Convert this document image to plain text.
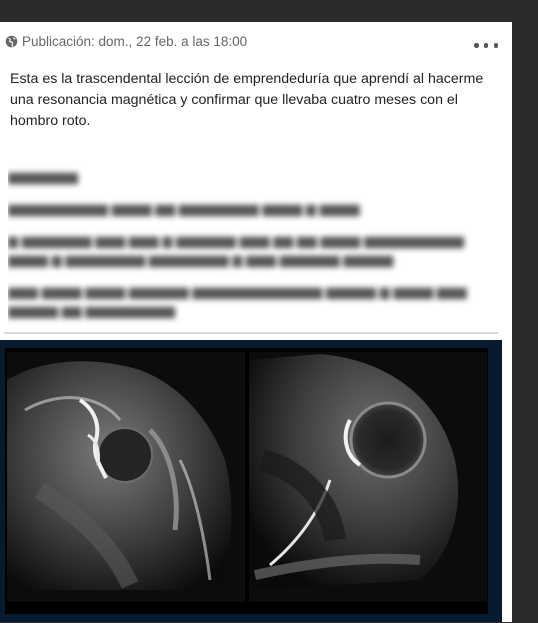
Publicación: dom., 22 feb. a las 18:00
Esta es la trascendental lección de emprendeduría que aprendí al hacerme una resonancia magnética y confirmar que llevaba cuatro meses con el hombro roto.

▆▆▆▆▆▆▆

▆▆▆▆▆▆▆▆▆▆ ▆▆▆▆ ▆▆ ▆▆▆▆▆▆▆▆ ▆▆▆▆ ▆ ▆▆▆▆

▆ ▆▆▆▆▆▆▆ ▆▆▆ ▆▆▆ ▆ ▆▆▆▆▆▆ ▆▆▆ ▆▆ ▆▆ ▆▆▆▆ ▆▆▆▆▆▆▆▆▆▆ ▆▆▆▆ ▆ ▆▆▆▆▆▆▆▆ ▆▆▆▆▆▆▆▆ ▆ ▆▆▆ ▆▆▆▆▆▆ ▆▆▆▆▆

▆▆▆ ▆▆▆▆ ▆▆▆▆ ▆▆▆▆▆▆ ▆▆▆▆▆▆▆▆▆▆▆▆▆ ▆▆▆▆▆ ▆ ▆▆▆▆ ▆▆▆ ▆▆▆▆▆ ▆▆ ▆▆▆▆▆▆▆▆▆
